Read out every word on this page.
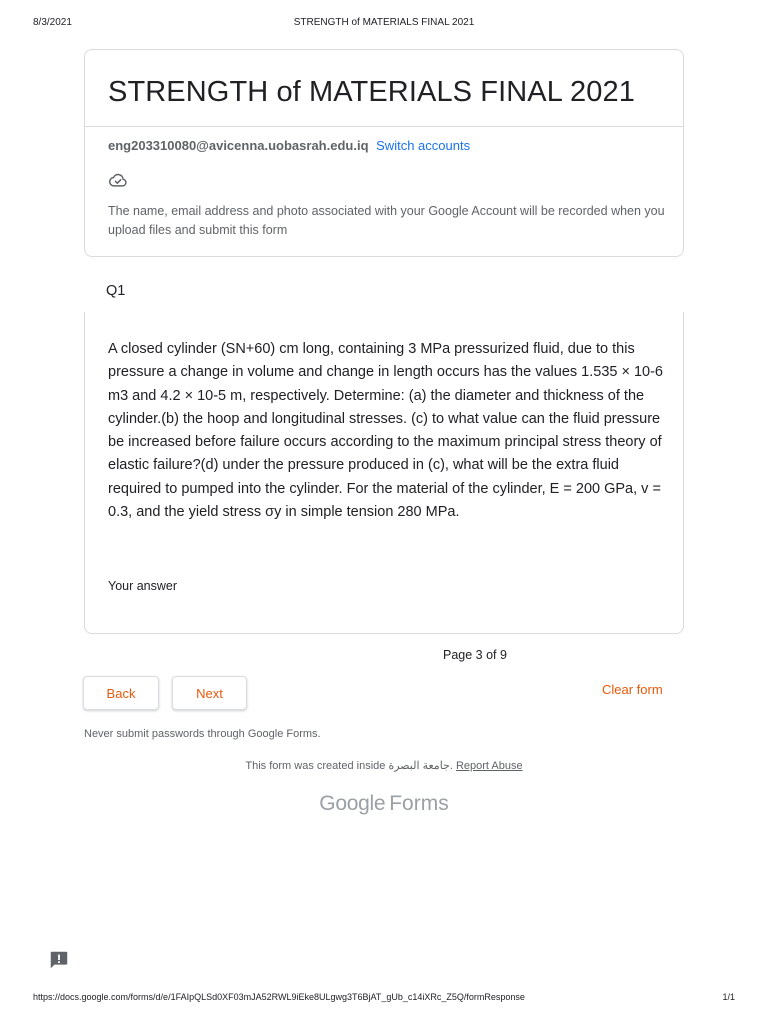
8/3/2021	STRENGTH of MATERIALS FINAL 2021
STRENGTH of MATERIALS FINAL 2021
eng203310080@avicenna.uobasrah.edu.iq Switch accounts
The name, email address and photo associated with your Google Account will be recorded when you upload files and submit this form
Q1
A closed cylinder (SN+60) cm long, containing 3 MPa pressurized fluid, due to this pressure a change in volume and change in length occurs has the values 1.535 × 10-6 m3 and 4.2 × 10-5 m, respectively. Determine: (a) the diameter and thickness of the cylinder.(b) the hoop and longitudinal stresses. (c) to what value can the fluid pressure be increased before failure occurs according to the maximum principal stress theory of elastic failure?(d) under the pressure produced in (c), what will be the extra fluid required to pumped into the cylinder. For the material of the cylinder, E = 200 GPa, v = 0.3, and the yield stress σy in simple tension 280 MPa.
Your answer
Page 3 of 9
Back	Next	Clear form
Never submit passwords through Google Forms.
This form was created inside جامعة البصرة. Report Abuse
Google Forms
https://docs.google.com/forms/d/e/1FAIpQLSd0XF03mJA52RWL9iEke8ULgwg3T6BjAT_gUb_c14iXRc_Z5Q/formResponse	1/1
